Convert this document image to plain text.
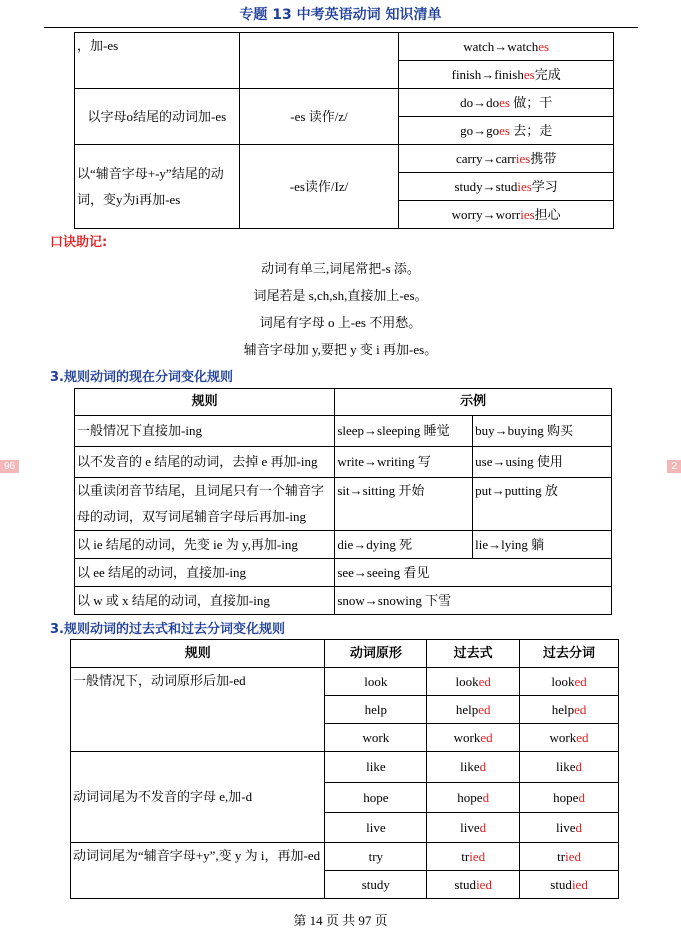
专题 13 中考英语动词 知识清单
96	2
，加-es		watch→watches
		finish→finishes完成
以字母o结尾的动词加-es	-es 读作/z/	do→does 做；干
		go→goes 去；走
以“辅音字母+-y”结尾的动词，变y为i再加-es	-es读作/Iz/	carry→carries携带
		study→studies学习
		worry→worries担心
口诀助记:
动词有单三,词尾常把-s 添。
词尾若是 s,ch,sh,直接加上-es。
词尾有字母 o 上-es 不用愁。
辅音字母加 y,要把 y 变 i 再加-es。
3.规则动词的现在分词变化规则
规则	示例	
一般情况下直接加-ing	sleep→sleeping 睡觉	buy→buying 购买
以不发音的 e 结尾的动词，去掉 e 再加-ing	write→writing 写	use→using 使用
以重读闭音节结尾，且词尾只有一个辅音字母的动词，双写词尾辅音字母后再加-ing	sit→sitting 开始	put→putting 放
以 ie 结尾的动词，先变 ie 为 y,再加-ing	die→dying 死	lie→lying 躺
以 ee 结尾的动词，直接加-ing	see→seeing 看见	
以 w 或 x 结尾的动词，直接加-ing	snow→snowing 下雪	
3.规则动词的过去式和过去分词变化规则
规则	动词原形	过去式	过去分词
一般情况下，动词原形后加-ed	look	looked	looked
	help	helped	helped
	work	worked	worked
动词词尾为不发音的字母 e,加-d	like	liked	liked
	hope	hoped	hoped
	live	lived	lived
动词词尾为“辅音字母+y”,变 y 为 i，再加-ed	try	tried	tried
	study	studied	studied
第 14 页 共 97 页
